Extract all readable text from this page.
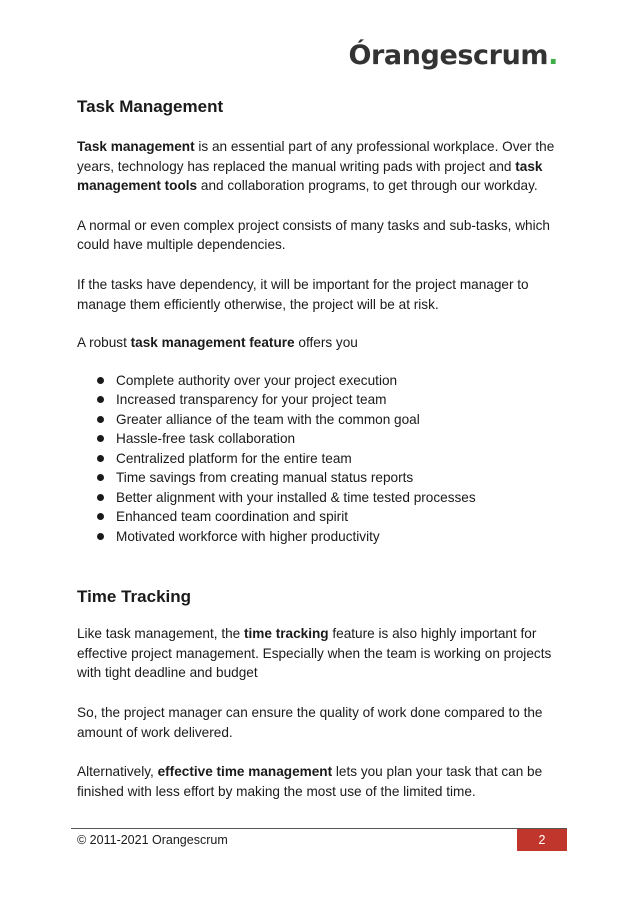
Órangescrum.
Task Management

Task management is an essential part of any professional workplace. Over the years, technology has replaced the manual writing pads with project and task management tools and collaboration programs, to get through our workday.

A normal or even complex project consists of many tasks and sub-tasks, which could have multiple dependencies.

If the tasks have dependency, it will be important for the project manager to manage them efficiently otherwise, the project will be at risk.

A robust task management feature offers you

Complete authority over your project execution
Increased transparency for your project team
Greater alliance of the team with the common goal
Hassle-free task collaboration
Centralized platform for the entire team
Time savings from creating manual status reports
Better alignment with your installed & time tested processes
Enhanced team coordination and spirit
Motivated workforce with higher productivity
Time Tracking

Like task management, the time tracking feature is also highly important for effective project management. Especially when the team is working on projects with tight deadline and budget

So, the project manager can ensure the quality of work done compared to the amount of work delivered.

Alternatively, effective time management lets you plan your task that can be finished with less effort by making the most use of the limited time.

© 2011-2021 Orangescrum	2
